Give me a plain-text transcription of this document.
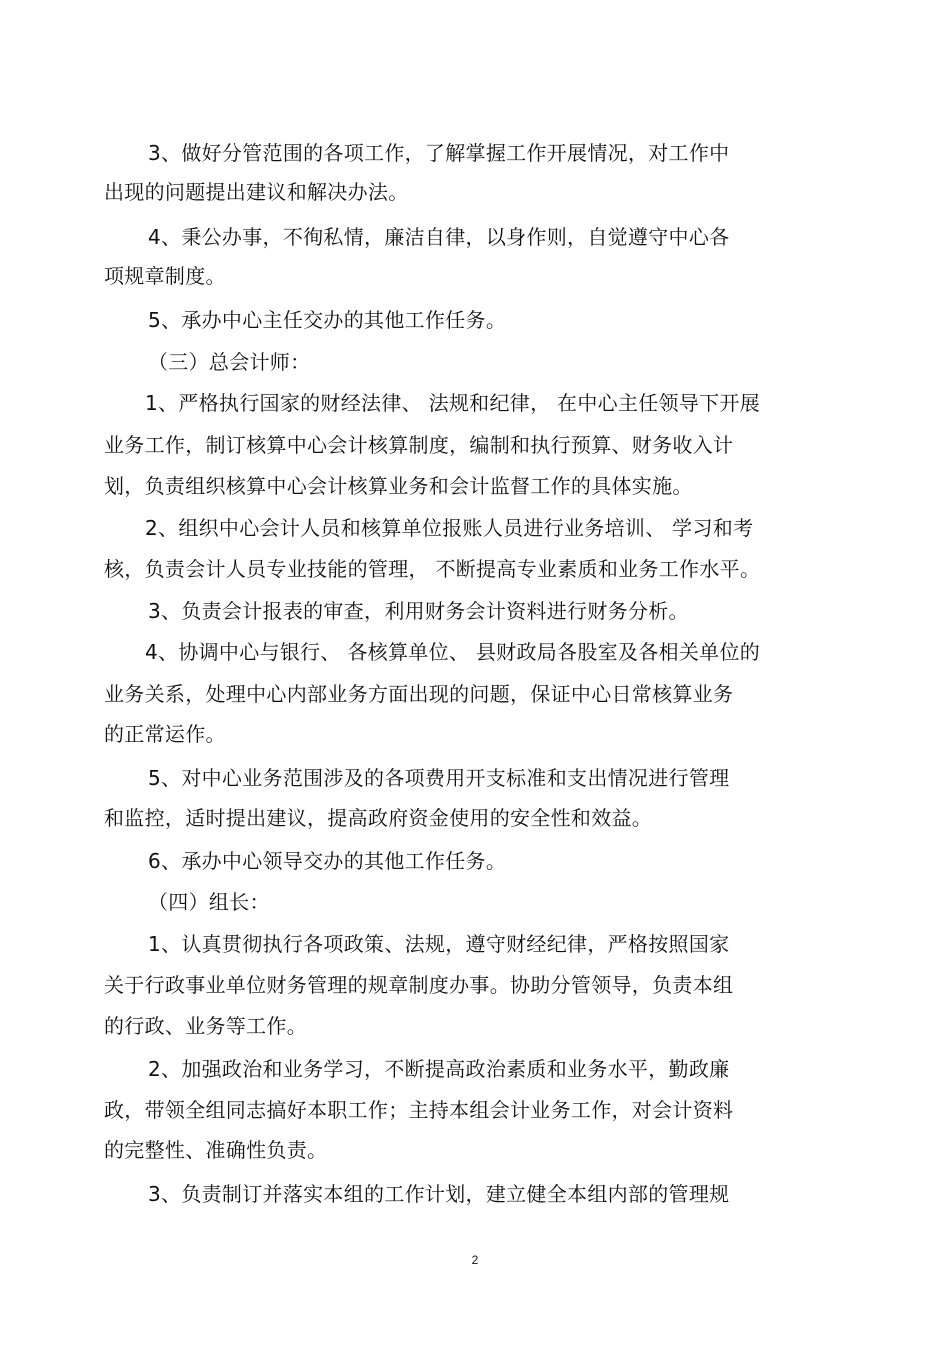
3、做好分管范围的各项工作，了解掌握工作开展情况，对工作中
出现的问题提出建议和解决办法。
4、秉公办事，不徇私情，廉洁自律，以身作则，自觉遵守中心各
项规章制度。
5、承办中心主任交办的其他工作任务。
（三）总会计师：
1、严格执行国家的财经法律、 法规和纪律， 在中心主任领导下开展
业务工作，制订核算中心会计核算制度，编制和执行预算、财务收入计
划，负责组织核算中心会计核算业务和会计监督工作的具体实施。
2、组织中心会计人员和核算单位报账人员进行业务培训、 学习和考
核，负责会计人员专业技能的管理， 不断提高专业素质和业务工作水平。
3、负责会计报表的审查，利用财务会计资料进行财务分析。
4、协调中心与银行、 各核算单位、 县财政局各股室及各相关单位的
业务关系，处理中心内部业务方面出现的问题，保证中心日常核算业务
的正常运作。
5、对中心业务范围涉及的各项费用开支标准和支出情况进行管理
和监控，适时提出建议，提高政府资金使用的安全性和效益。
6、承办中心领导交办的其他工作任务。
（四）组长：
1、认真贯彻执行各项政策、法规，遵守财经纪律，严格按照国家
关于行政事业单位财务管理的规章制度办事。协助分管领导，负责本组
的行政、业务等工作。
2、加强政治和业务学习，不断提高政治素质和业务水平，勤政廉
政，带领全组同志搞好本职工作；主持本组会计业务工作，对会计资料
的完整性、准确性负责。
3、负责制订并落实本组的工作计划，建立健全本组内部的管理规
2
